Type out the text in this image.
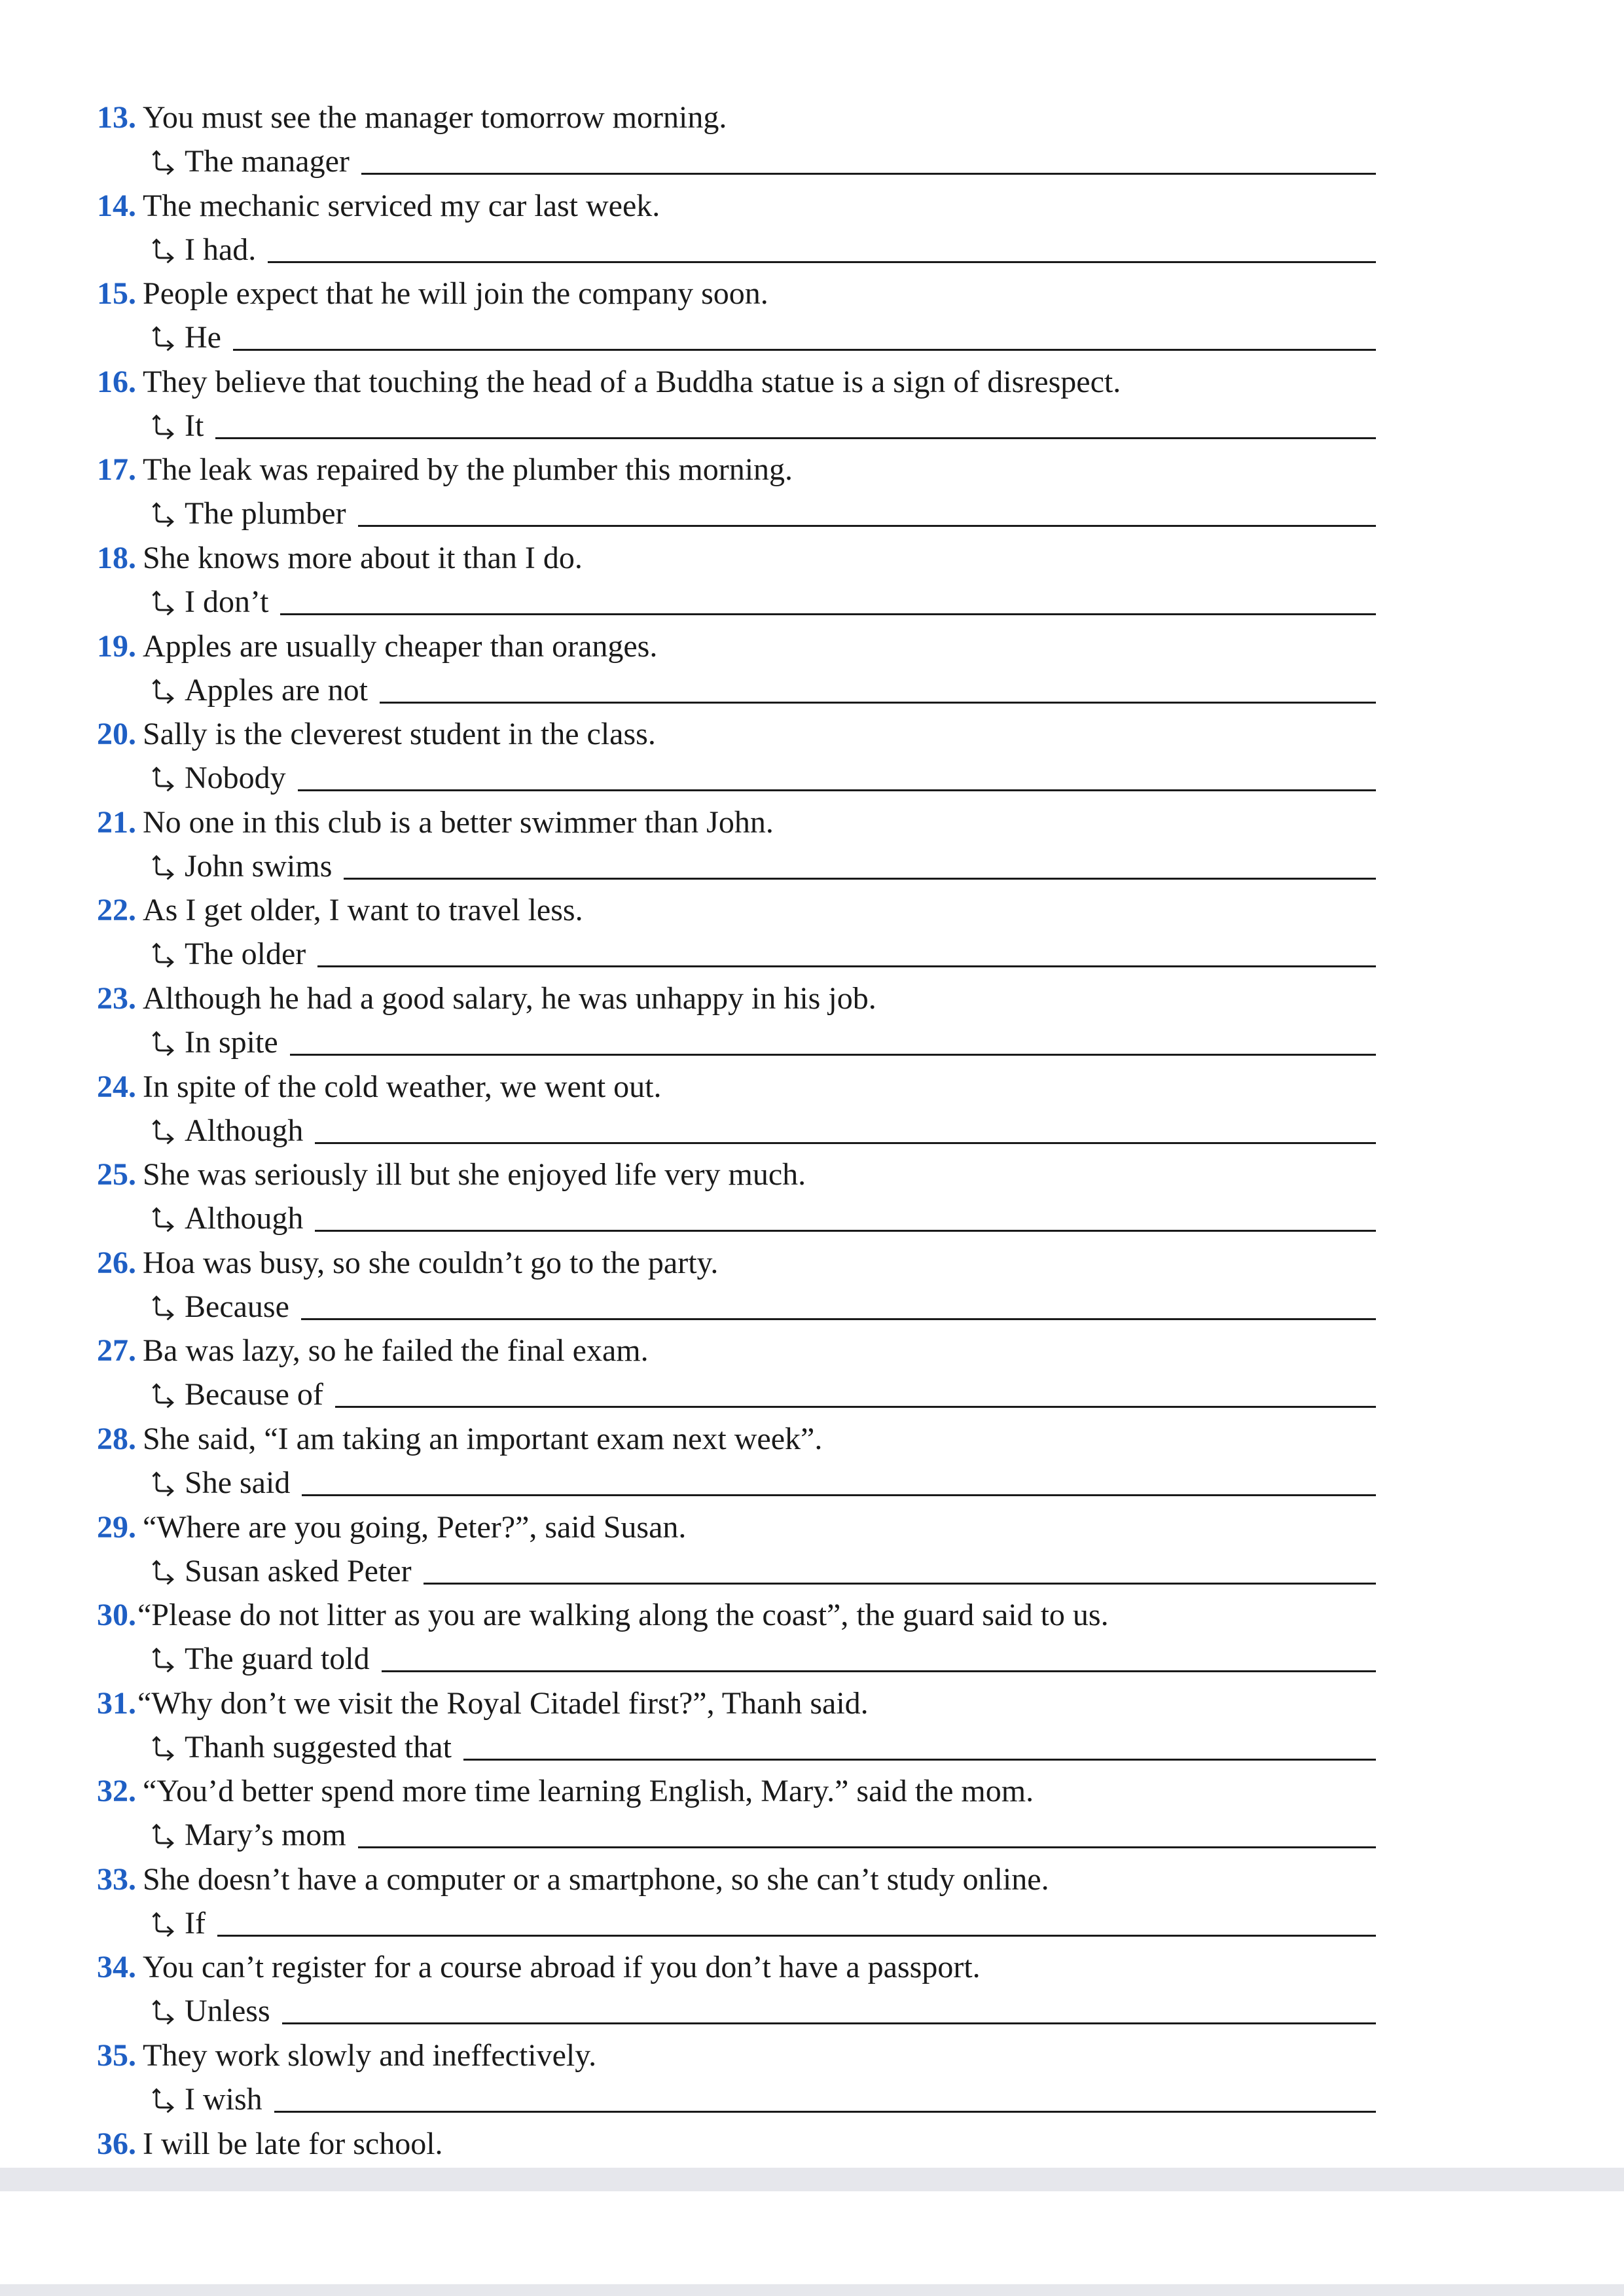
13. You must see the manager tomorrow morning.
The manager
14. The mechanic serviced my car last week.
I had.
15. People expect that he will join the company soon.
He
16. They believe that touching the head of a Buddha statue is a sign of disrespect.
It
17. The leak was repaired by the plumber this morning.
The plumber
18. She knows more about it than I do.
I don’t
19. Apples are usually cheaper than oranges.
Apples are not
20. Sally is the cleverest student in the class.
Nobody
21. No one in this club is a better swimmer than John.
John swims
22. As I get older, I want to travel less.
The older
23. Although he had a good salary, he was unhappy in his job.
In spite
24. In spite of the cold weather, we went out.
Although
25. She was seriously ill but she enjoyed life very much.
Although
26. Hoa was busy, so she couldn’t go to the party.
Because
27. Ba was lazy, so he failed the final exam.
Because of
28. She said, “I am taking an important exam next week”.
She said
29. “Where are you going, Peter?”, said Susan.
Susan asked Peter
30.“Please do not litter as you are walking along the coast”, the guard said to us.
The guard told
31.“Why don’t we visit the Royal Citadel first?”, Thanh said.
Thanh suggested that
32. “You’d better spend more time learning English, Mary.” said the mom.
Mary’s mom
33. She doesn’t have a computer or a smartphone, so she can’t study online.
If
34. You can’t register for a course abroad if you don’t have a passport.
Unless
35. They work slowly and ineffectively.
I wish
36. I will be late for school.
